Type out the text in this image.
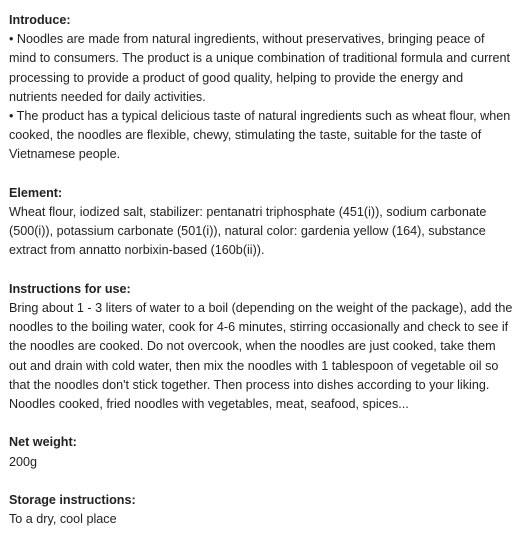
Introduce:

• Noodles are made from natural ingredients, without preservatives, bringing peace of mind to consumers. The product is a unique combination of traditional formula and current processing to provide a product of good quality, helping to provide the energy and nutrients needed for daily activities.

• The product has a typical delicious taste of natural ingredients such as wheat flour, when cooked, the noodles are flexible, chewy, stimulating the taste, suitable for the taste of Vietnamese people.

Element:

Wheat flour, iodized salt, stabilizer: pentanatri triphosphate (451(i)), sodium carbonate (500(i)), potassium carbonate (501(i)), natural color: gardenia yellow (164), substance extract from annatto norbixin-based (160b(ii)).

Instructions for use:

Bring about 1 - 3 liters of water to a boil (depending on the weight of the package), add the noodles to the boiling water, cook for 4-6 minutes, stirring occasionally and check to see if the noodles are cooked. Do not overcook, when the noodles are just cooked, take them out and drain with cold water, then mix the noodles with 1 tablespoon of vegetable oil so that the noodles don't stick together. Then process into dishes according to your liking. Noodles cooked, fried noodles with vegetables, meat, seafood, spices...

Net weight:

200g

Storage instructions:

To a dry, cool place
